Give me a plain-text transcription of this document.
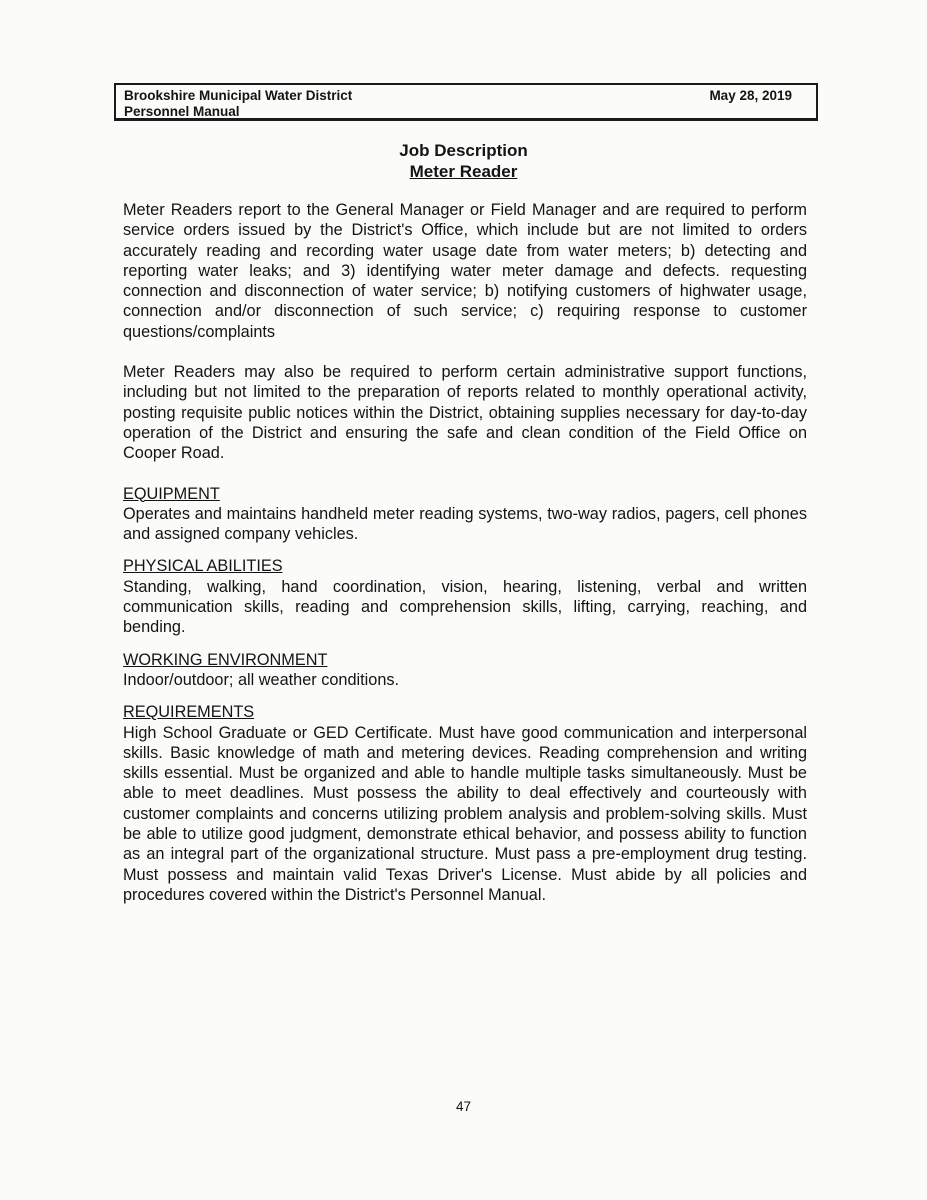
Brookshire Municipal Water District
Personnel Manual
May 28, 2019
Job Description
Meter Reader

Meter Readers report to the General Manager or Field Manager and are required to perform service orders issued by the District's Office, which include but are not limited to orders accurately reading and recording water usage date from water meters; b) detecting and reporting water leaks; and 3) identifying water meter damage and defects. requesting connection and disconnection of water service; b) notifying customers of highwater usage, connection and/or disconnection of such service; c) requiring response to customer questions/complaints

Meter Readers may also be required to perform certain administrative support functions, including but not limited to the preparation of reports related to monthly operational activity, posting requisite public notices within the District, obtaining supplies necessary for day-to-day operation of the District and ensuring the safe and clean condition of the Field Office on Cooper Road.

EQUIPMENT

Operates and maintains handheld meter reading systems, two-way radios, pagers, cell phones and assigned company vehicles.

PHYSICAL ABILITIES

Standing, walking, hand coordination, vision, hearing, listening, verbal and written communication skills, reading and comprehension skills, lifting, carrying, reaching, and bending.

WORKING ENVIRONMENT

Indoor/outdoor; all weather conditions.

REQUIREMENTS

High School Graduate or GED Certificate. Must have good communication and interpersonal skills. Basic knowledge of math and metering devices. Reading comprehension and writing skills essential. Must be organized and able to handle multiple tasks simultaneously. Must be able to meet deadlines. Must possess the ability to deal effectively and courteously with customer complaints and concerns utilizing problem analysis and problem-solving skills. Must be able to utilize good judgment, demonstrate ethical behavior, and possess ability to function as an integral part of the organizational structure. Must pass a pre-employment drug testing. Must possess and maintain valid Texas Driver's License. Must abide by all policies and procedures covered within the District's Personnel Manual.

47
